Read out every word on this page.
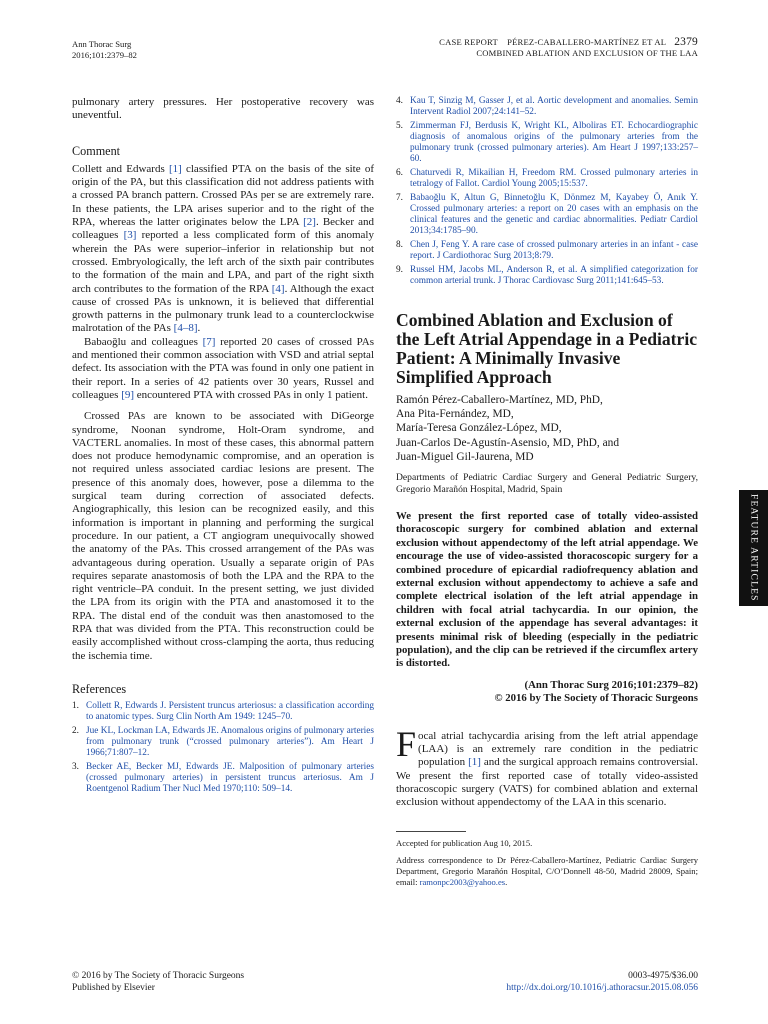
Ann Thorac Surg
2016;101:2379–82
CASE REPORT    PÉREZ-CABALLERO-MARTÍNEZ ET AL 2379
COMBINED ABLATION AND EXCLUSION OF THE LAA

pulmonary artery pressures. Her postoperative recovery was uneventful.

Comment

Collett and Edwards [1] classified PTA on the basis of the site of origin of the PA, but this classification did not address patients with a crossed PA branch pattern. Crossed PAs per se are extremely rare. In these patients, the LPA arises superior and to the right of the RPA, whereas the latter originates below the LPA [2]. Becker and colleagues [3] reported a less complicated form of this anomaly wherein the PAs were superior–inferior in relationship but not crossed. Embryologically, the left arch of the sixth pair contributes to the formation of the main and LPA, and part of the right sixth arch contributes to the formation of the RPA [4]. Although the exact cause of crossed PAs is unknown, it is believed that differential growth patterns in the pulmonary trunk lead to a counterclockwise malrotation of the PAs [4–8].

Babaoğlu and colleagues [7] reported 20 cases of crossed PAs and mentioned their common association with VSD and atrial septal defect. Its association with the PTA was found in only one patient in their report. In a series of 42 patients over 30 years, Russel and colleagues [9] encountered PTA with crossed PAs in only 1 patient.

Crossed PAs are known to be associated with DiGeorge syndrome, Noonan syndrome, Holt-Oram syndrome, and VACTERL anomalies. In most of these cases, this abnormal pattern does not produce hemodynamic compromise, and an operation is not required unless associated cardiac lesions are present. The presence of this anomaly does, however, pose a dilemma to the surgical team during correction of associated defects. Angiographically, this lesion can be recognized easily, and this information is important in planning and performing the surgical procedure. In our patient, a CT angiogram unequivocally showed the anatomy of the PAs. This crossed arrangement of the PAs was advantageous during operation. Usually a separate origin of PAs requires separate anastomosis of both the LPA and the RPA to the right ventricle–PA conduit. In the present setting, we just divided the LPA from its origin with the PTA and anastomosed it to the RPA. The distal end of the conduit was then anastomosed to the RPA that was divided from the PTA. This reconstruction could be easily accomplished without cross-clamping the aorta, thus reducing the ischemia time.

References
1. Collett R, Edwards J. Persistent truncus arteriosus: a classification according to anatomic types. Surg Clin North Am 1949: 1245–70.
2. Jue KL, Lockman LA, Edwards JE. Anomalous origins of pulmonary arteries from pulmonary trunk (“crossed pulmonary arteries”). Am Heart J 1966;71:807–12.
3. Becker AE, Becker MJ, Edwards JE. Malposition of pulmonary arteries (crossed pulmonary arteries) in persistent truncus arteriosus. Am J Roentgenol Radium Ther Nucl Med 1970;110: 509–14.
4. Kau T, Sinzig M, Gasser J, et al. Aortic development and anomalies. Semin Intervent Radiol 2007;24:141–52.
5. Zimmerman FJ, Berdusis K, Wright KL, Alboliras ET. Echocardiographic diagnosis of anomalous origins of the pulmonary arteries from the pulmonary trunk (crossed pulmonary arteries). Am Heart J 1997;133:257–60.
6. Chaturvedi R, Mikailian H, Freedom RM. Crossed pulmonary arteries in tetralogy of Fallot. Cardiol Young 2005;15:537.
7. Babaoğlu K, Altun G, Binnetoğlu K, Dönmez M, Kayabey Ö, Anık Y. Crossed pulmonary arteries: a report on 20 cases with an emphasis on the clinical features and the genetic and cardiac abnormalities. Pediatr Cardiol 2013;34:1785–90.
8. Chen J, Feng Y. A rare case of crossed pulmonary arteries in an infant - case report. J Cardiothorac Surg 2013;8:79.
9. Russel HM, Jacobs ML, Anderson R, et al. A simplified categorization for common arterial trunk. J Thorac Cardiovasc Surg 2011;141:645–53.
Combined Ablation and Exclusion of the Left Atrial Appendage in a Pediatric Patient: A Minimally Invasive Simplified Approach
Ramón Pérez-Caballero-Martínez, MD, PhD,
Ana Pita-Fernández, MD,
María-Teresa González-López, MD,
Juan-Carlos De-Agustín-Asensio, MD, PhD, and
Juan-Miguel Gil-Jaurena, MD

Departments of Pediatric Cardiac Surgery and General Pediatric Surgery, Gregorio Marañón Hospital, Madrid, Spain

We present the first reported case of totally video-assisted thoracoscopic surgery for combined ablation and external exclusion without appendectomy of the left atrial appendage. We encourage the use of video-assisted thoracoscopic surgery for a combined procedure of epicardial radiofrequency ablation and external exclusion without appendectomy to achieve a safe and complete electrical isolation of the left atrial appendage in children with focal atrial tachycardia. In our opinion, the external exclusion of the appendage has several advantages: it presents minimal risk of bleeding (especially in the pediatric population), and the clip can be retrieved if the circumflex artery is distorted.

(Ann Thorac Surg 2016;101:2379–82)
© 2016 by The Society of Thoracic Surgeons

Focal atrial tachycardia arising from the left atrial appendage (LAA) is an extremely rare condition in the pediatric population [1] and the surgical approach remains controversial. We present the first reported case of totally video-assisted thoracoscopic surgery (VATS) for combined ablation and external exclusion without appendectomy of the LAA in this scenario.

Accepted for publication Aug 10, 2015.

Address correspondence to Dr Pérez-Caballero-Martínez, Pediatric Cardiac Surgery Department, Gregorio Marañón Hospital, C/O’Donnell 48-50, Madrid 28009, Spain; email: ramonpc2003@yahoo.es.

FEATURE ARTICLES
© 2016 by The Society of Thoracic Surgeons
Published by Elsevier
0003-4975/$36.00
http://dx.doi.org/10.1016/j.athoracsur.2015.08.056
